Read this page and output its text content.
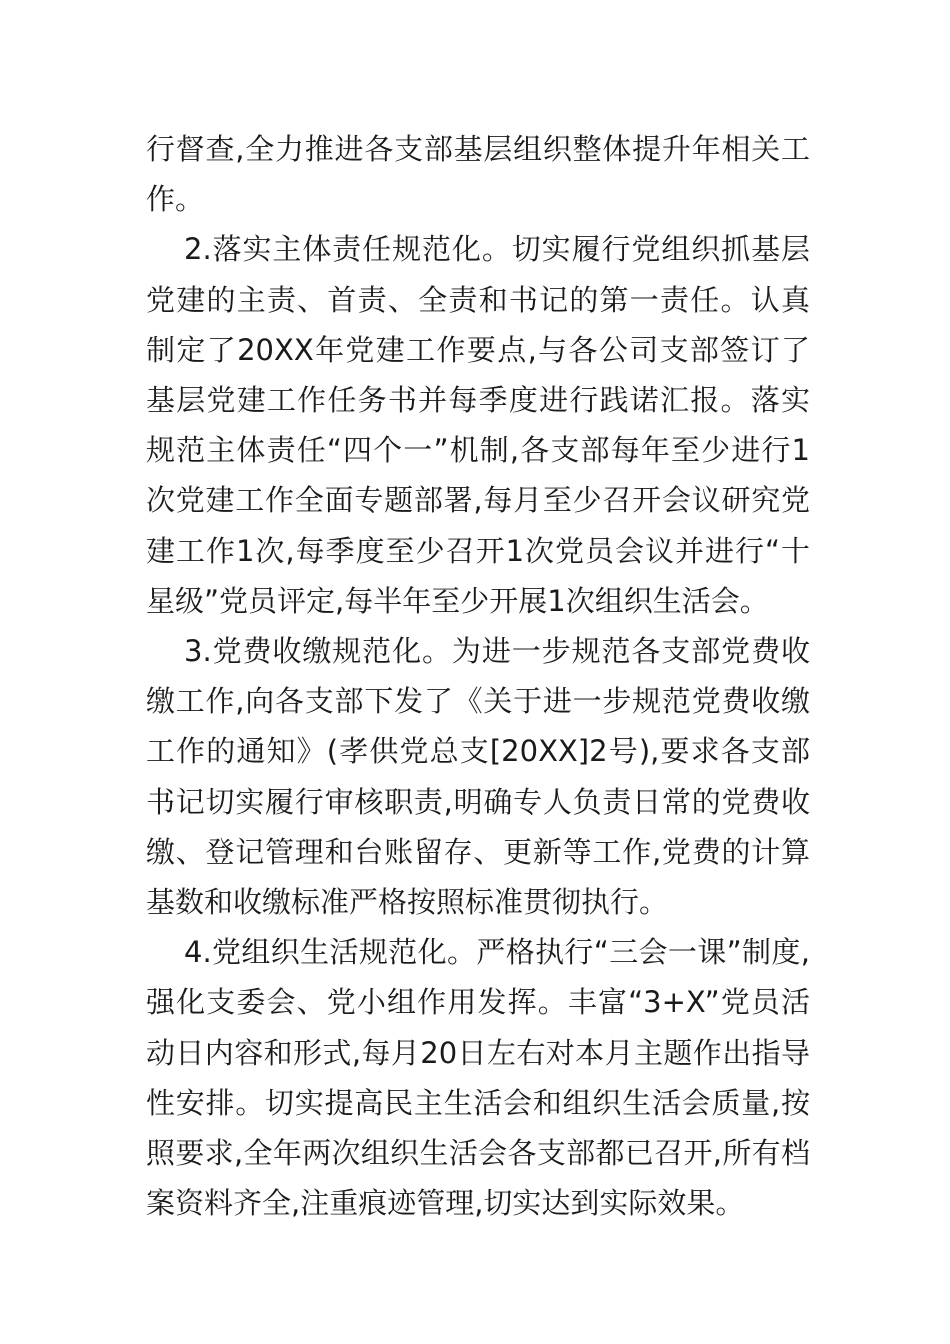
行督查,全力推进各支部基层组织整体提升年相关工作。

2.落实主体责任规范化。切实履行党组织抓基层党建的主责、首责、全责和书记的第一责任。认真制定了20XX年党建工作要点,与各公司支部签订了基层党建工作任务书并每季度进行践诺汇报。落实规范主体责任“四个一”机制,各支部每年至少进行1次党建工作全面专题部署,每月至少召开会议研究党建工作1次,每季度至少召开1次党员会议并进行“十星级”党员评定,每半年至少开展1次组织生活会。

3.党费收缴规范化。为进一步规范各支部党费收缴工作,向各支部下发了《关于进一步规范党费收缴工作的通知》(孝供党总支[20XX]2号),要求各支部书记切实履行审核职责,明确专人负责日常的党费收缴、登记管理和台账留存、更新等工作,党费的计算基数和收缴标准严格按照标准贯彻执行。

4.党组织生活规范化。严格执行“三会一课”制度,强化支委会、党小组作用发挥。丰富“3+X”党员活动日内容和形式,每月20日左右对本月主题作出指导性安排。切实提高民主生活会和组织生活会质量,按照要求,全年两次组织生活会各支部都已召开,所有档案资料齐全,注重痕迹管理,切实达到实际效果。
